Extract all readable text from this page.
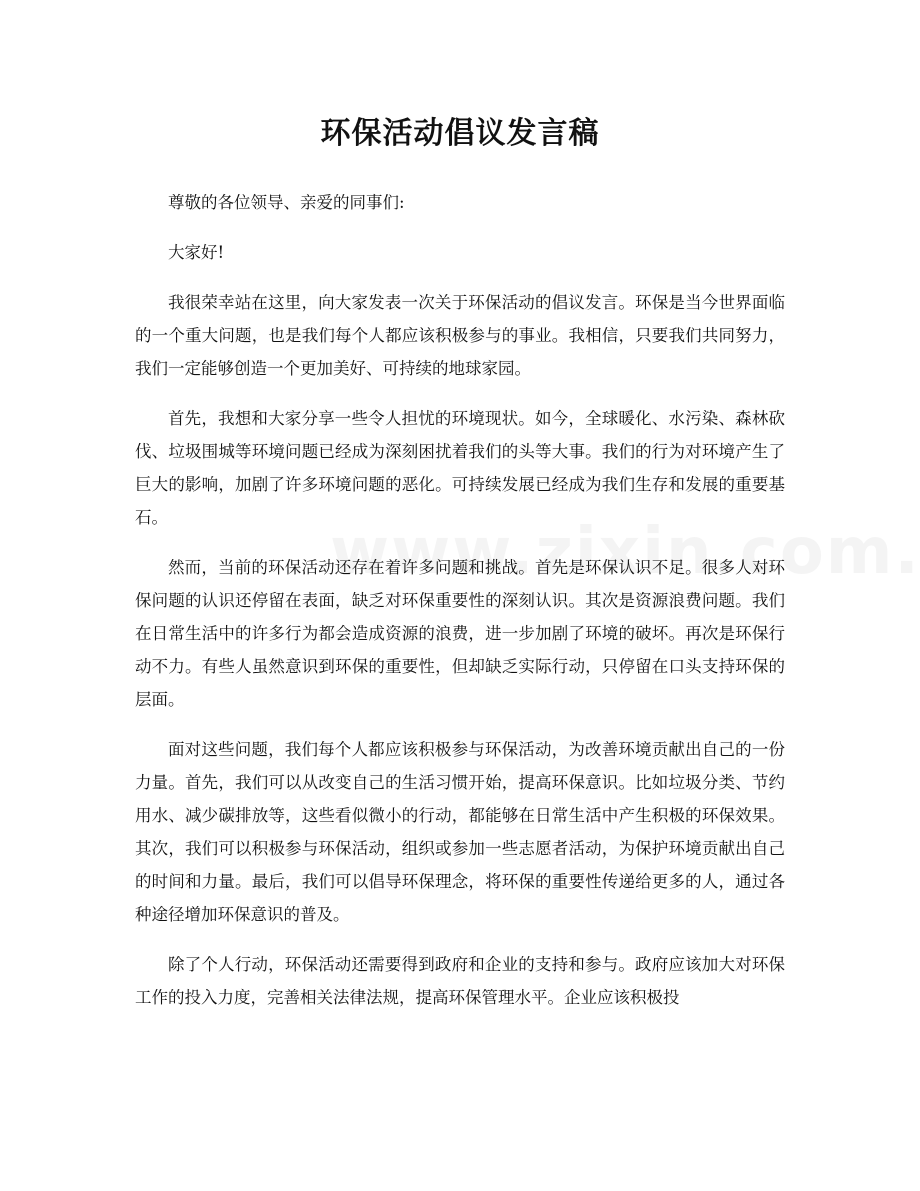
环保活动倡议发言稿

尊敬的各位领导、亲爱的同事们:

大家好!

我很荣幸站在这里，向大家发表一次关于环保活动的倡议发言。环保是当今世界面临的一个重大问题，也是我们每个人都应该积极参与的事业。我相信，只要我们共同努力，我们一定能够创造一个更加美好、可持续的地球家园。

首先，我想和大家分享一些令人担忧的环境现状。如今，全球暖化、水污染、森林砍伐、垃圾围城等环境问题已经成为深刻困扰着我们的头等大事。我们的行为对环境产生了巨大的影响，加剧了许多环境问题的恶化。可持续发展已经成为我们生存和发展的重要基石。

然而，当前的环保活动还存在着许多问题和挑战。首先是环保认识不足。很多人对环保问题的认识还停留在表面，缺乏对环保重要性的深刻认识。其次是资源浪费问题。我们在日常生活中的许多行为都会造成资源的浪费，进一步加剧了环境的破坏。再次是环保行动不力。有些人虽然意识到环保的重要性，但却缺乏实际行动，只停留在口头支持环保的层面。

面对这些问题，我们每个人都应该积极参与环保活动，为改善环境贡献出自己的一份力量。首先，我们可以从改变自己的生活习惯开始，提高环保意识。比如垃圾分类、节约用水、减少碳排放等，这些看似微小的行动，都能够在日常生活中产生积极的环保效果。其次，我们可以积极参与环保活动，组织或参加一些志愿者活动，为保护环境贡献出自己的时间和力量。最后，我们可以倡导环保理念，将环保的重要性传递给更多的人，通过各种途径增加环保意识的普及。

除了个人行动，环保活动还需要得到政府和企业的支持和参与。政府应该加大对环保工作的投入力度，完善相关法律法规，提高环保管理水平。企业应该积极投
